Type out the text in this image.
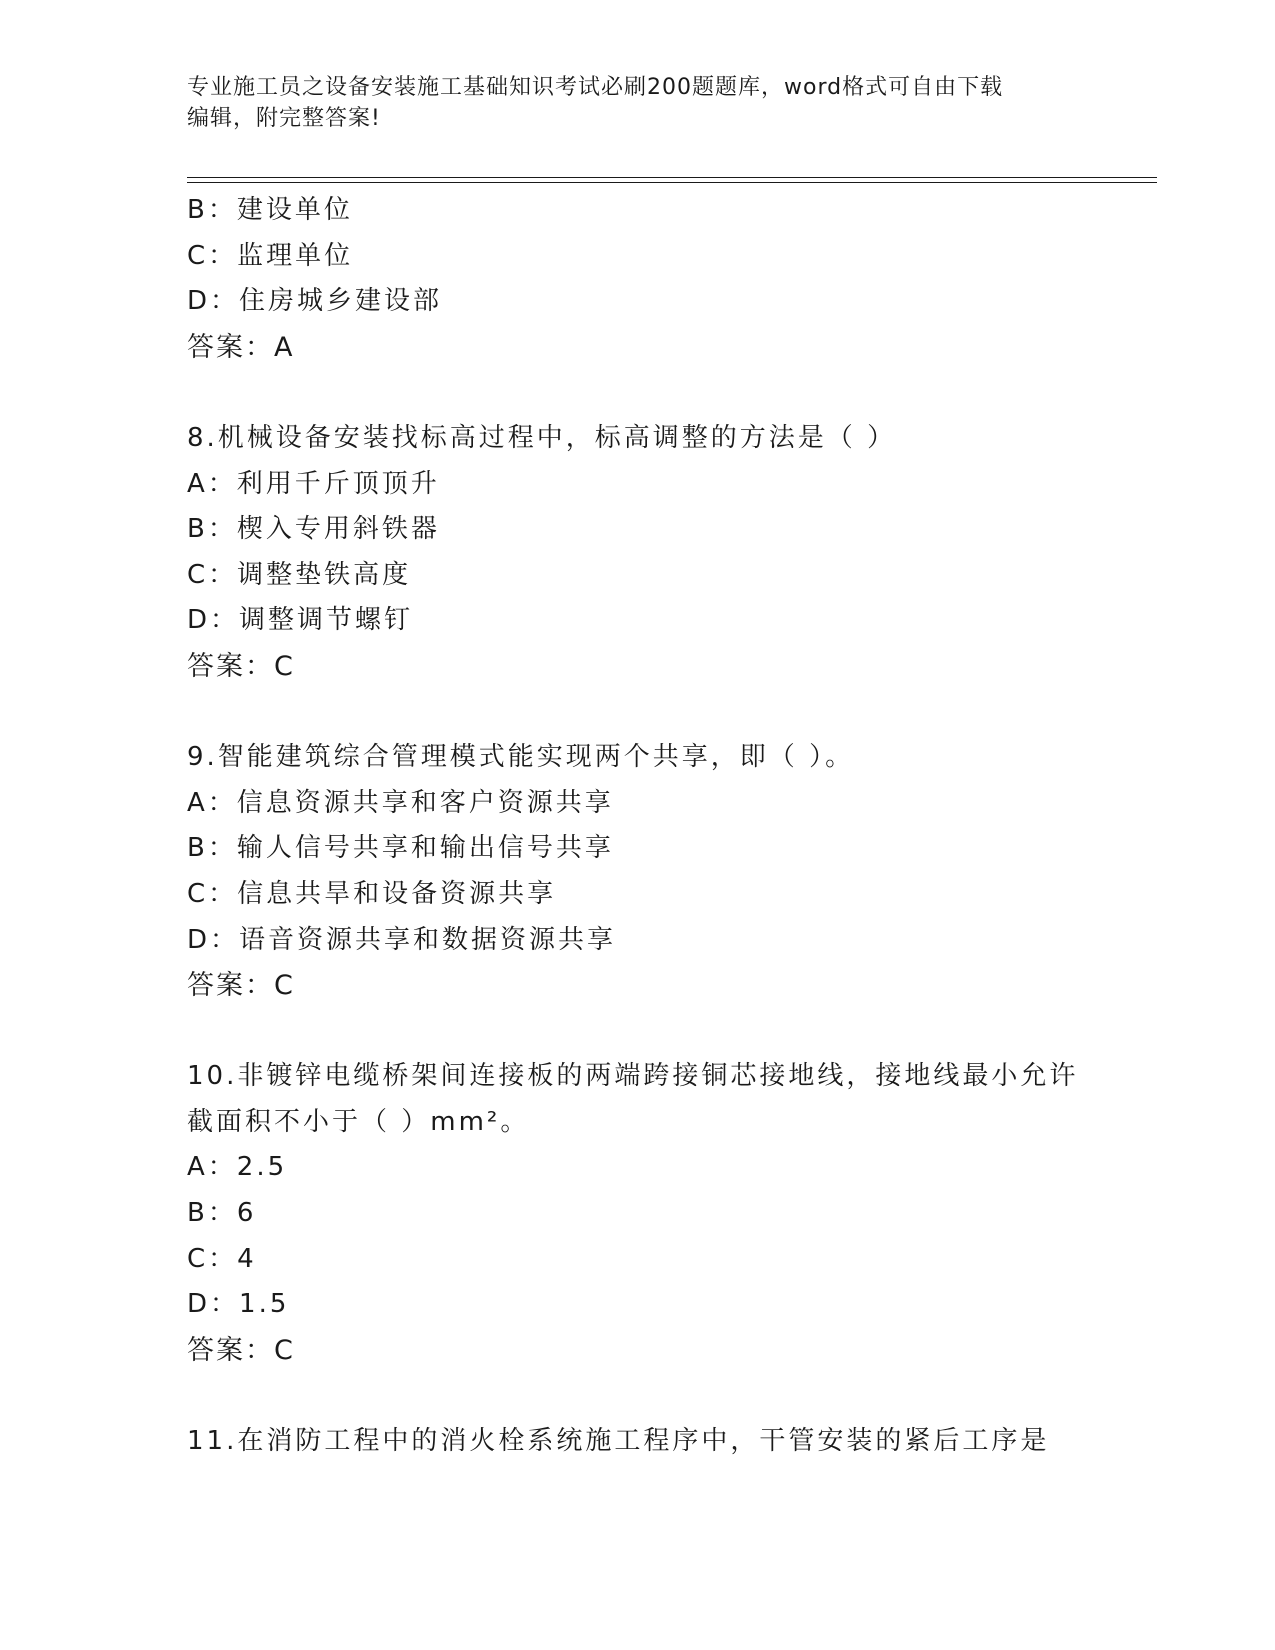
专业施工员之设备安装施工基础知识考试必刷200题题库，word格式可自由下载
编辑，附完整答案!
B：建设单位
C：监理单位
D：住房城乡建设部
答案：A
8.机械设备安装找标高过程中，标高调整的方法是（ ）
A：利用千斤顶顶升
B：楔入专用斜铁器
C：调整垫铁高度
D：调整调节螺钉
答案：C
9.智能建筑综合管理模式能实现两个共享，即（ ）。
A：信息资源共享和客户资源共享
B：输人信号共享和输出信号共享
C：信息共旱和设备资源共享
D：语音资源共享和数据资源共享
答案：C
10.非镀锌电缆桥架间连接板的两端跨接铜芯接地线，接地线最小允许
截面积不小于（ ）mm²。
A：2.5
B：6
C：4
D：1.5
答案：C
11.在消防工程中的消火栓系统施工程序中，干管安装的紧后工序是
